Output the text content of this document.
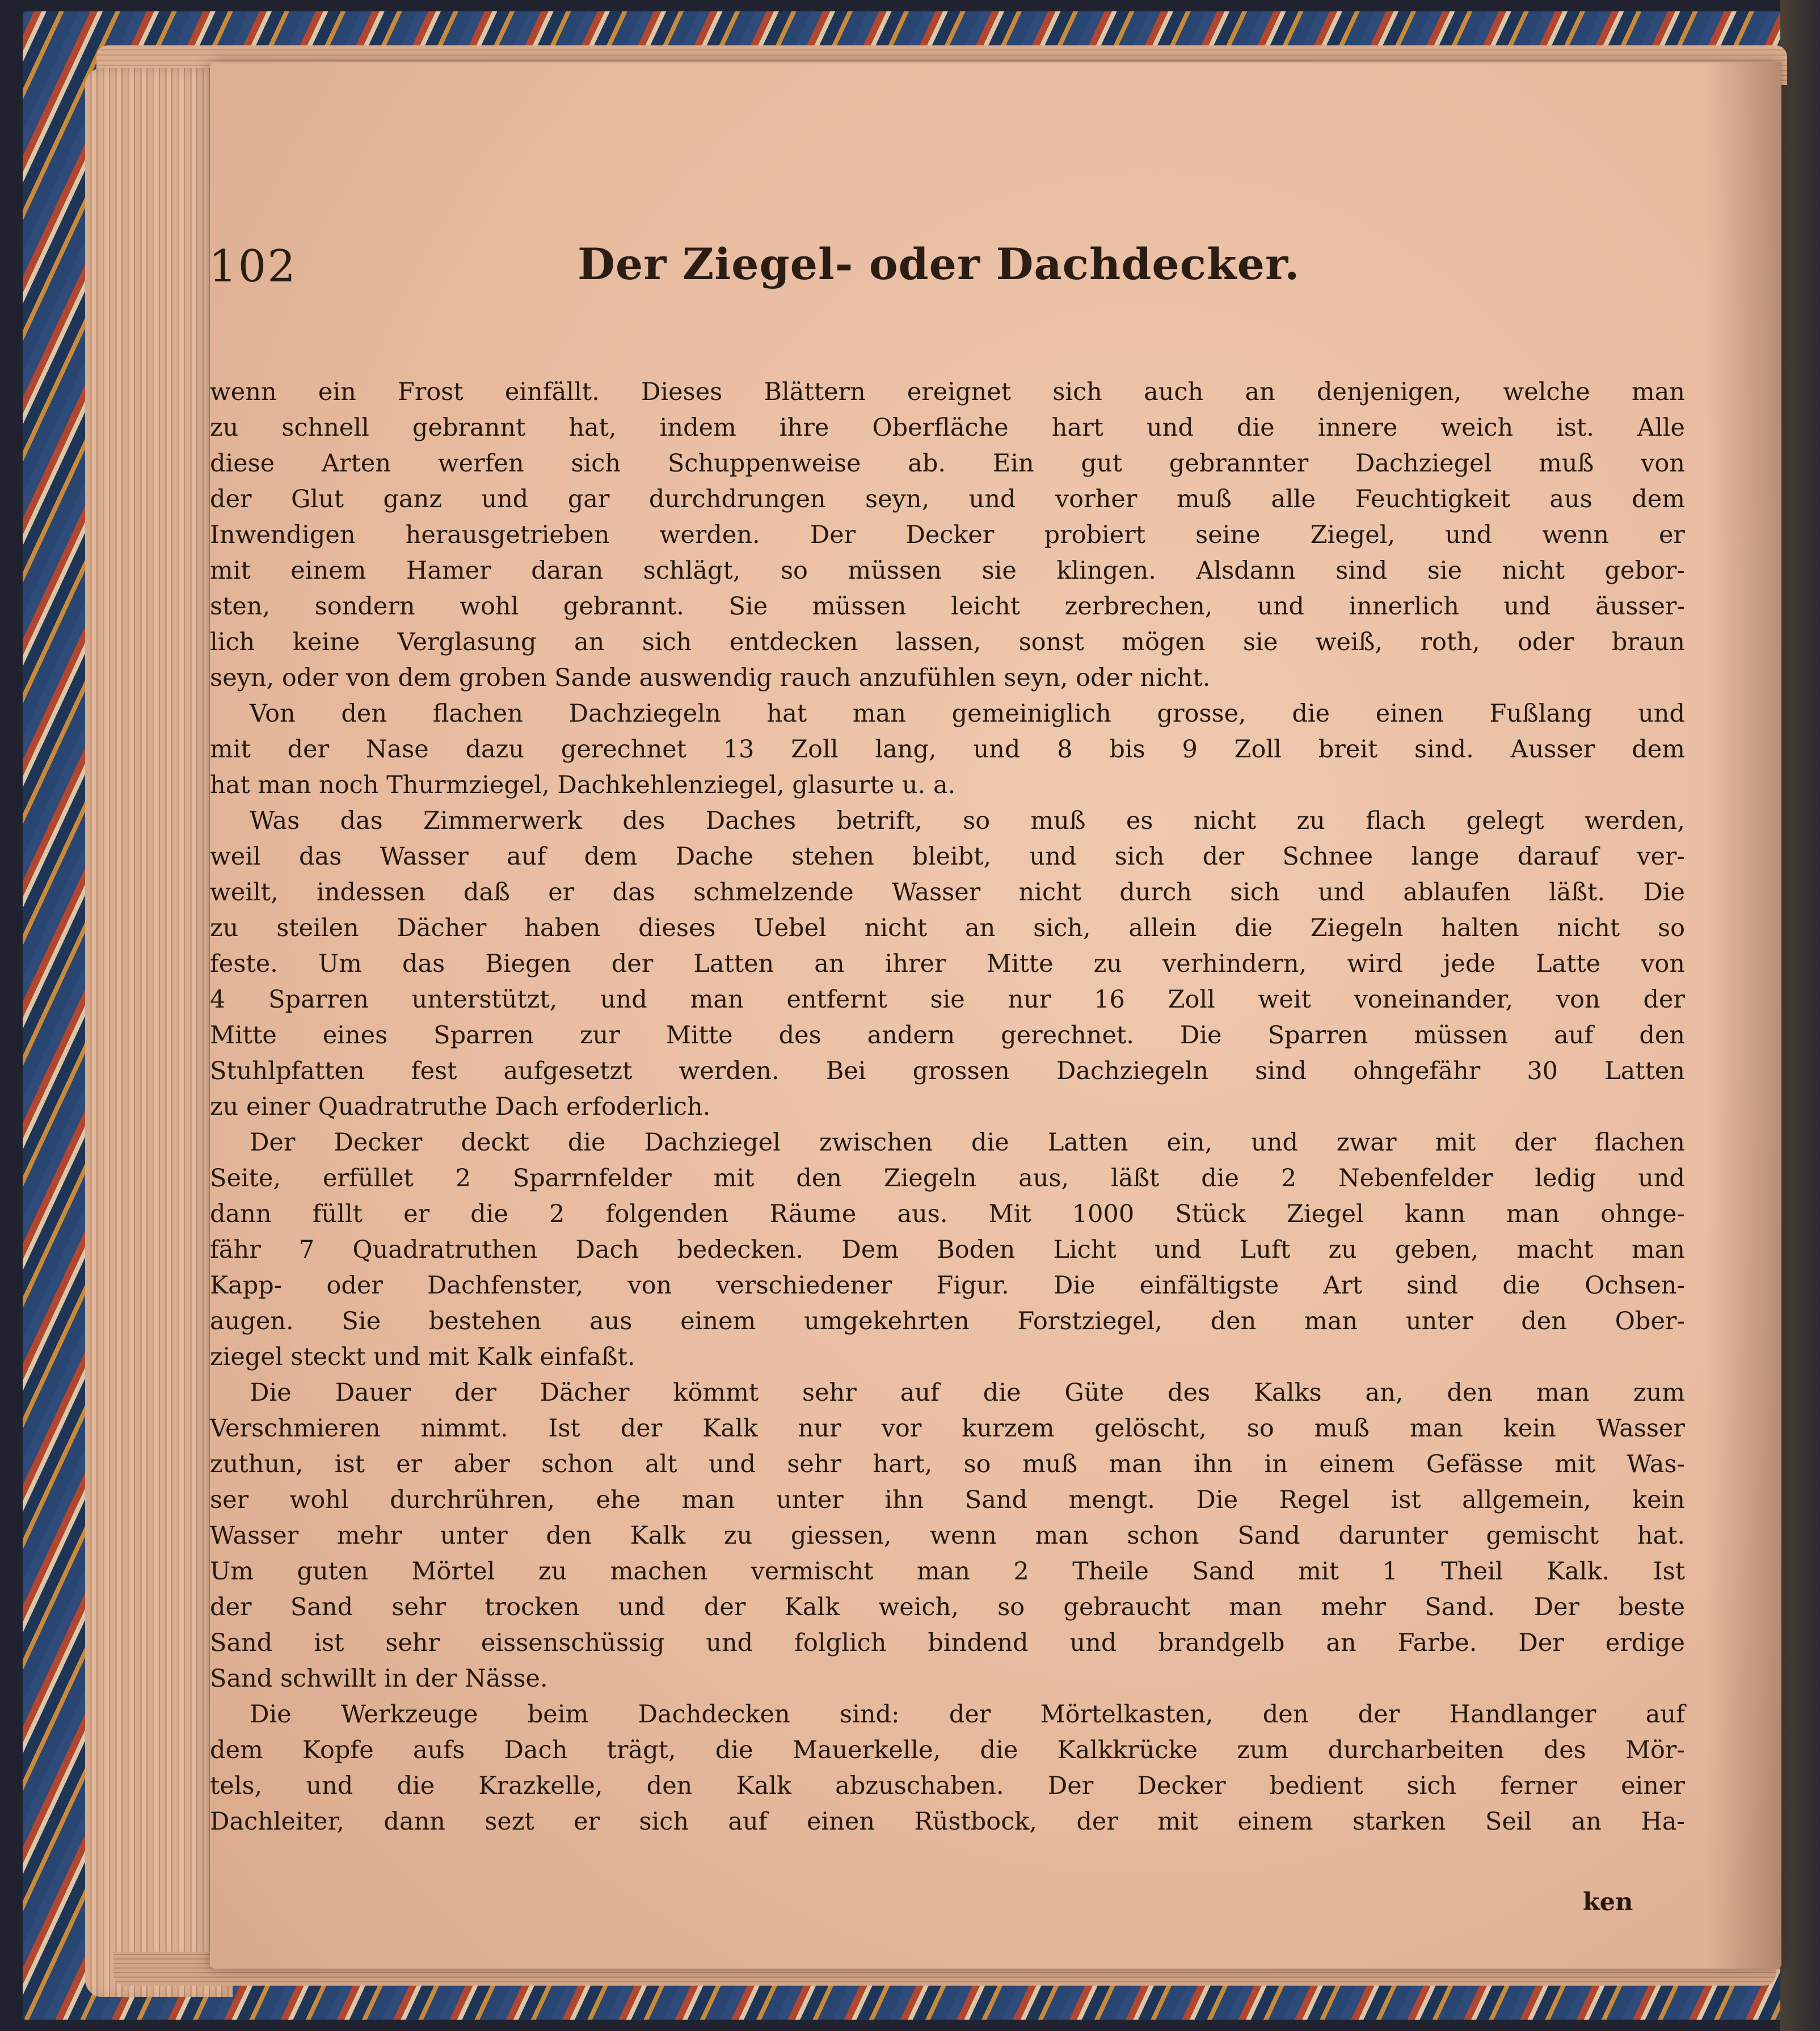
102	Der Ziegel- oder Dachdecker.
wenn ein Frost einfällt. Dieses Blättern ereignet sich auch an denjenigen, welche man
zu schnell gebrannt hat, indem ihre Oberfläche hart und die innere weich ist. Alle
diese Arten werfen sich Schuppenweise ab. Ein gut gebrannter Dachziegel muß von
der Glut ganz und gar durchdrungen seyn, und vorher muß alle Feuchtigkeit aus dem
Inwendigen herausgetrieben werden. Der Decker probiert seine Ziegel, und wenn er
mit einem Hamer daran schlägt, so müssen sie klingen. Alsdann sind sie nicht gebor-
sten, sondern wohl gebrannt. Sie müssen leicht zerbrechen, und innerlich und äusser-
lich keine Verglasung an sich entdecken lassen, sonst mögen sie weiß, roth, oder braun
seyn, oder von dem groben Sande auswendig rauch anzufühlen seyn, oder nicht.
Von den flachen Dachziegeln hat man gemeiniglich grosse, die einen Fußlang und
mit der Nase dazu gerechnet 13 Zoll lang, und 8 bis 9 Zoll breit sind. Ausser dem
hat man noch Thurmziegel, Dachkehlenziegel, glasurte u. a.
Was das Zimmerwerk des Daches betrift, so muß es nicht zu flach gelegt werden,
weil das Wasser auf dem Dache stehen bleibt, und sich der Schnee lange darauf ver-
weilt, indessen daß er das schmelzende Wasser nicht durch sich und ablaufen läßt. Die
zu steilen Dächer haben dieses Uebel nicht an sich, allein die Ziegeln halten nicht so
feste. Um das Biegen der Latten an ihrer Mitte zu verhindern, wird jede Latte von
4 Sparren unterstützt, und man entfernt sie nur 16 Zoll weit voneinander, von der
Mitte eines Sparren zur Mitte des andern gerechnet. Die Sparren müssen auf den
Stuhlpfatten fest aufgesetzt werden. Bei grossen Dachziegeln sind ohngefähr 30 Latten
zu einer Quadratruthe Dach erfoderlich.
Der Decker deckt die Dachziegel zwischen die Latten ein, und zwar mit der flachen
Seite, erfüllet 2 Sparrnfelder mit den Ziegeln aus, läßt die 2 Nebenfelder ledig und
dann füllt er die 2 folgenden Räume aus. Mit 1000 Stück Ziegel kann man ohnge-
fähr 7 Quadratruthen Dach bedecken. Dem Boden Licht und Luft zu geben, macht man
Kapp- oder Dachfenster, von verschiedener Figur. Die einfältigste Art sind die Ochsen-
augen. Sie bestehen aus einem umgekehrten Forstziegel, den man unter den Ober-
ziegel steckt und mit Kalk einfaßt.
Die Dauer der Dächer kömmt sehr auf die Güte des Kalks an, den man zum
Verschmieren nimmt. Ist der Kalk nur vor kurzem gelöscht, so muß man kein Wasser
zuthun, ist er aber schon alt und sehr hart, so muß man ihn in einem Gefässe mit Was-
ser wohl durchrühren, ehe man unter ihn Sand mengt. Die Regel ist allgemein, kein
Wasser mehr unter den Kalk zu giessen, wenn man schon Sand darunter gemischt hat.
Um guten Mörtel zu machen vermischt man 2 Theile Sand mit 1 Theil Kalk. Ist
der Sand sehr trocken und der Kalk weich, so gebraucht man mehr Sand. Der beste
Sand ist sehr eissenschüssig und folglich bindend und brandgelb an Farbe. Der erdige
Sand schwillt in der Nässe.
Die Werkzeuge beim Dachdecken sind: der Mörtelkasten, den der Handlanger auf
dem Kopfe aufs Dach trägt, die Mauerkelle, die Kalkkrücke zum durcharbeiten des Mör-
tels, und die Krazkelle, den Kalk abzuschaben. Der Decker bedient sich ferner einer
Dachleiter, dann sezt er sich auf einen Rüstbock, der mit einem starken Seil an Ha-
ken
